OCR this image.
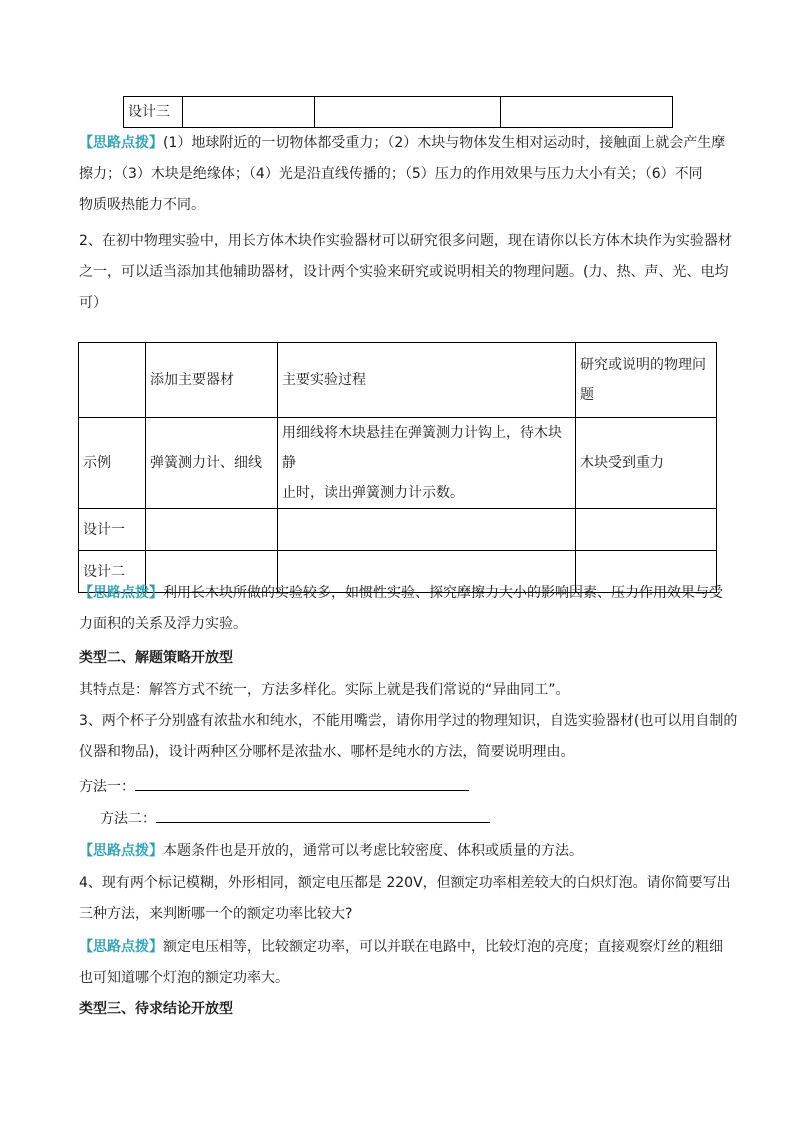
设计三			
【思路点拨】(1）地球附近的一切物体都受重力；（2）木块与物体发生相对运动时，接触面上就会产生摩
擦力；（3）木块是绝缘体；（4）光是沿直线传播的；（5）压力的作用效果与压力大小有关；（6）不同
物质吸热能力不同。
2、在初中物理实验中，用长方体木块作实验器材可以研究很多问题，现在请你以长方体木块作为实验器材
之一，可以适当添加其他辅助器材，设计两个实验来研究或说明相关的物理问题。(力、热、声、光、电均
可）
	添加主要器材	主要实验过程	研究或说明的物理问
题
示例	弹簧测力计、细线	用细线将木块悬挂在弹簧测力计钩上，待木块静
止时，读出弹簧测力计示数。	木块受到重力
设计一			
设计二			
【思路点拨】利用长木块所做的实验较多，如惯性实验、探究摩擦力大小的影响因素、压力作用效果与受
力面积的关系及浮力实验。
类型二、解题策略开放型
其特点是：解答方式不统一，方法多样化。实际上就是我们常说的“异曲同工”。
3、两个杯子分别盛有浓盐水和纯水，不能用嘴尝，请你用学过的物理知识，自选实验器材(也可以用自制的
仪器和物品)，设计两种区分哪杯是浓盐水、哪杯是纯水的方法，简要说明理由。
方法一：
方法二：
【思路点拨】本题条件也是开放的，通常可以考虑比较密度、体积或质量的方法。
4、现有两个标记模糊，外形相同，额定电压都是 220V，但额定功率相差较大的白炽灯泡。请你简要写出
三种方法，来判断哪一个的额定功率比较大?
【思路点拨】额定电压相等，比较额定功率，可以并联在电路中，比较灯泡的亮度；直接观察灯丝的粗细
也可知道哪个灯泡的额定功率大。
类型三、待求结论开放型
